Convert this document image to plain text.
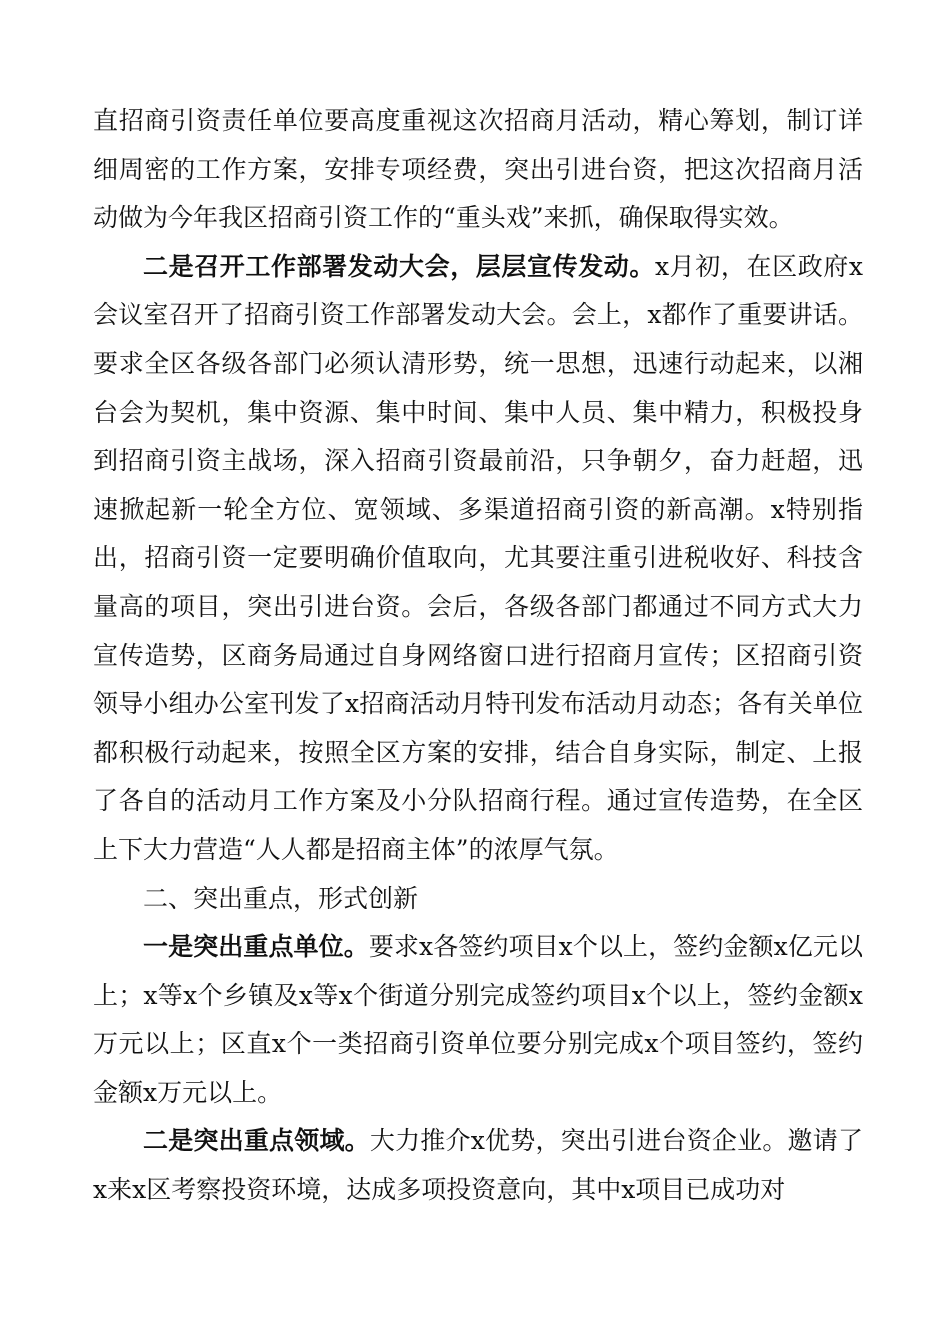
直招商引资责任单位要高度重视这次招商月活动，精心筹划，制订详细周密的工作方案，安排专项经费，突出引进台资，把这次招商月活动做为今年我区招商引资工作的“重头戏”来抓，确保取得实效。

二是召开工作部署发动大会，层层宣传发动。x月初，在区政府x会议室召开了招商引资工作部署发动大会。会上，x都作了重要讲话。要求全区各级各部门必须认清形势，统一思想，迅速行动起来，以湘台会为契机，集中资源、集中时间、集中人员、集中精力，积极投身到招商引资主战场，深入招商引资最前沿，只争朝夕，奋力赶超，迅速掀起新一轮全方位、宽领域、多渠道招商引资的新高潮。x特别指出，招商引资一定要明确价值取向，尤其要注重引进税收好、科技含量高的项目，突出引进台资。会后，各级各部门都通过不同方式大力宣传造势，区商务局通过自身网络窗口进行招商月宣传；区招商引资领导小组办公室刊发了x招商活动月特刊发布活动月动态；各有关单位都积极行动起来，按照全区方案的安排，结合自身实际，制定、上报了各自的活动月工作方案及小分队招商行程。通过宣传造势，在全区上下大力营造“人人都是招商主体”的浓厚气氛。

二、突出重点，形式创新

一是突出重点单位。要求x各签约项目x个以上，签约金额x亿元以上；x等x个乡镇及x等x个街道分别完成签约项目x个以上，签约金额x万元以上；区直x个一类招商引资单位要分别完成x个项目签约，签约金额x万元以上。

二是突出重点领域。大力推介x优势，突出引进台资企业。邀请了x来x区考察投资环境，达成多项投资意向，其中x项目已成功对
